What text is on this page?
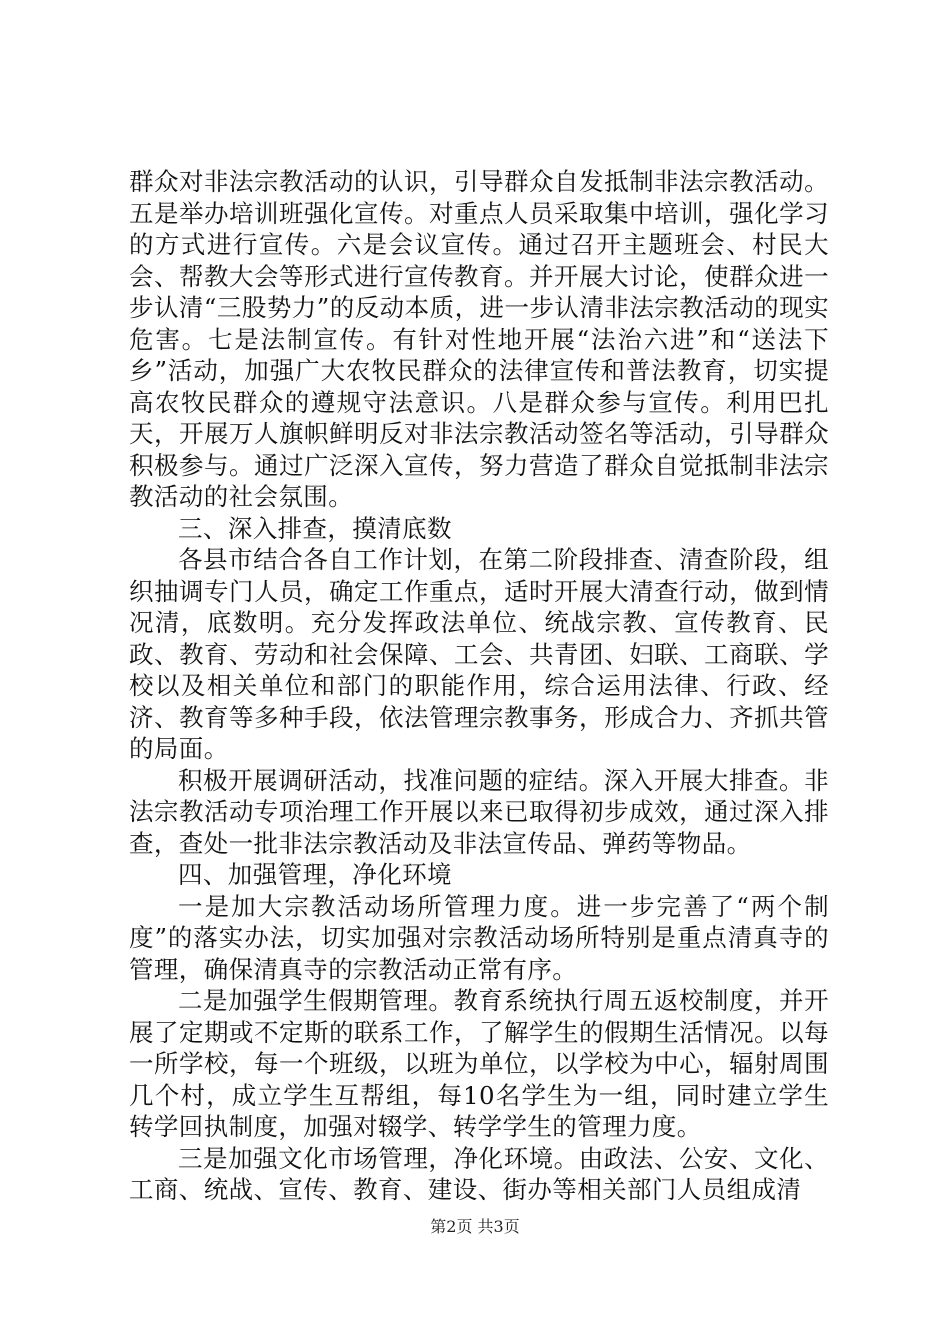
群众对非法宗教活动的认识，引导群众自发抵制非法宗教活动。五是举办培训班强化宣传。对重点人员采取集中培训，强化学习的方式进行宣传。六是会议宣传。通过召开主题班会、村民大会、帮教大会等形式进行宣传教育。并开展大讨论，使群众进一步认清“三股势力”的反动本质，进一步认清非法宗教活动的现实危害。七是法制宣传。有针对性地开展“法治六进”和“送法下乡”活动，加强广大农牧民群众的法律宣传和普法教育，切实提高农牧民群众的遵规守法意识。八是群众参与宣传。利用巴扎天，开展万人旗帜鲜明反对非法宗教活动签名等活动，引导群众积极参与。通过广泛深入宣传，努力营造了群众自觉抵制非法宗教活动的社会氛围。

三、深入排查，摸清底数

各县市结合各自工作计划，在第二阶段排查、清查阶段，组织抽调专门人员，确定工作重点，适时开展大清查行动，做到情况清，底数明。充分发挥政法单位、统战宗教、宣传教育、民政、教育、劳动和社会保障、工会、共青团、妇联、工商联、学校以及相关单位和部门的职能作用，综合运用法律、行政、经济、教育等多种手段，依法管理宗教事务，形成合力、齐抓共管的局面。

积极开展调研活动，找准问题的症结。深入开展大排查。非法宗教活动专项治理工作开展以来已取得初步成效，通过深入排查，查处一批非法宗教活动及非法宣传品、弹药等物品。

四、加强管理，净化环境

一是加大宗教活动场所管理力度。进一步完善了“两个制度”的落实办法，切实加强对宗教活动场所特别是重点清真寺的管理，确保清真寺的宗教活动正常有序。

二是加强学生假期管理。教育系统执行周五返校制度，并开展了定期或不定斯的联系工作，了解学生的假期生活情况。以每一所学校，每一个班级，以班为单位，以学校为中心，辐射周围几个村，成立学生互帮组，每10名学生为一组，同时建立学生转学回执制度，加强对辍学、转学学生的管理力度。

三是加强文化市场管理，净化环境。由政法、公安、文化、工商、统战、宣传、教育、建设、街办等相关部门人员组成清

第2页 共3页
